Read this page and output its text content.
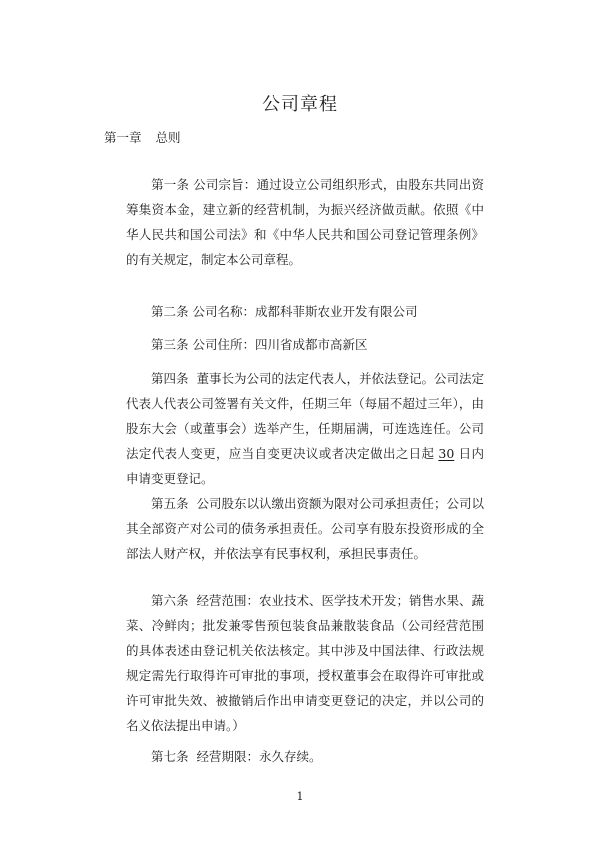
公司章程
第一章 总则
第一条 公司宗旨：通过设立公司组织形式，由股东共同出资筹集资本金，建立新的经营机制，为振兴经济做贡献。依照《中华人民共和国公司法》和《中华人民共和国公司登记管理条例》的有关规定，制定本公司章程。
第二条 公司名称：成都科菲斯农业开发有限公司
第三条 公司住所：四川省成都市高新区
第四条 董事长为公司的法定代表人，并依法登记。公司法定代表人代表公司签署有关文件，任期三年（每届不超过三年），由股东大会（或董事会）选举产生，任期届满，可连选连任。公司法定代表人变更，应当自变更决议或者决定做出之日起 30 日内申请变更登记。
第五条 公司股东以认缴出资额为限对公司承担责任；公司以其全部资产对公司的债务承担责任。公司享有股东投资形成的全部法人财产权，并依法享有民事权利，承担民事责任。
第六条 经营范围：农业技术、医学技术开发；销售水果、蔬菜、冷鲜肉；批发兼零售预包装食品兼散装食品（公司经营范围的具体表述由登记机关依法核定。其中涉及中国法律、行政法规规定需先行取得许可审批的事项，授权董事会在取得许可审批或许可审批失效、被撤销后作出申请变更登记的决定，并以公司的名义依法提出申请。）
第七条 经营期限：永久存续。
1
